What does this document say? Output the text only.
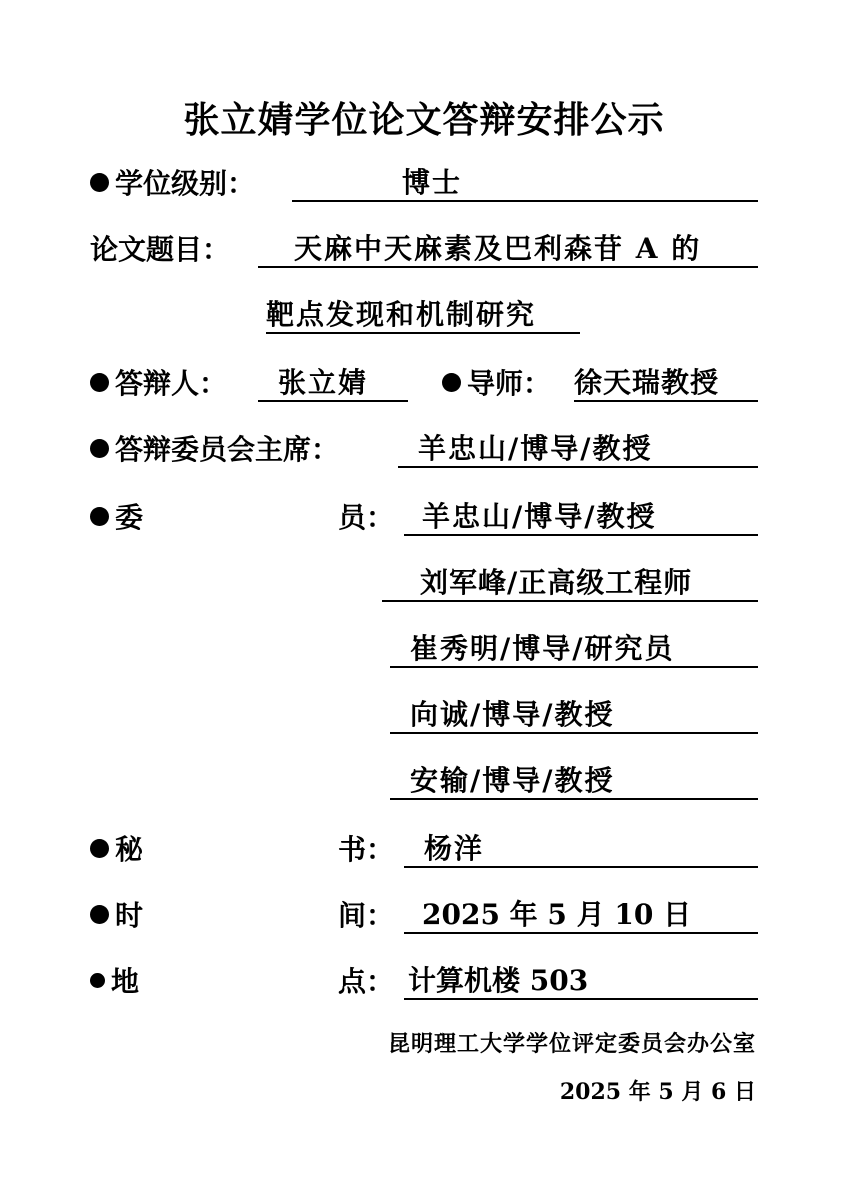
张立婧学位论文答辩安排公示
学位级别：	博士
论文题目：	天麻中天麻素及巴利森苷 A 的
靶点发现和机制研究
答辩人：	张立婧	导师： 徐天瑞教授
答辩委员会主席：	羊忠山/博导/教授
委	员： 羊忠山/博导/教授
刘军峰/正高级工程师
崔秀明/博导/研究员
向诚/博导/教授
安输/博导/教授
秘	书：	杨洋
时	间： 2025 年 5 月 10 日
地	点： 计算机楼 503
昆明理工大学学位评定委员会办公室
2025 年 5 月 6 日
